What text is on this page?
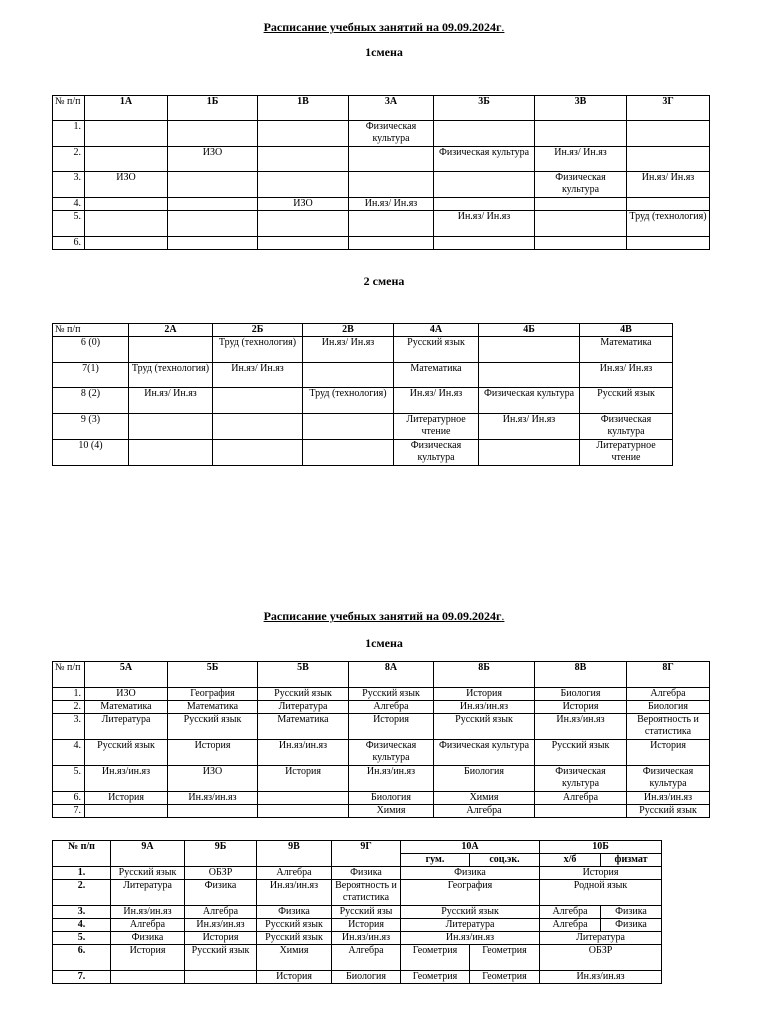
Расписание учебных занятий на 09.09.2024г.
1смена
№ п/п	1А	1Б	1В	3А	3Б	3В	3Г
1.				Физическая культура			
2.		ИЗО			Физическая культура	Ин.яз/ Ин.яз	
3.	ИЗО					Физическая культура	Ин.яз/ Ин.яз
4.			ИЗО	Ин.яз/ Ин.яз			
5.					Ин.яз/ Ин.яз		Труд (технология)
6.							
2 смена
№ п/п	2А	2Б	2В	4А	4Б	4В
6 (0)		Труд (технология)	Ин.яз/ Ин.яз	Русский язык		Математика
7(1)	Труд (технология)	Ин.яз/ Ин.яз		Математика		Ин.яз/ Ин.яз
8 (2)	Ин.яз/ Ин.яз		Труд (технология)	Ин.яз/ Ин.яз	Физическая культура	Русский язык
9 (3)				Литературное чтение	Ин.яз/ Ин.яз	Физическая культура
10 (4)				Физическая культура		Литературное чтение
Расписание учебных занятий на 09.09.2024г.
1смена
№ п/п	5А	5Б	5В	8А	8Б	8В	8Г
1.	ИЗО	География	Русский язык	Русский язык	История	Биология	Алгебра
2.	Математика	Математика	Литература	Алгебра	Ин.яз/ин.яз	История	Биология
3.	Литература	Русский язык	Математика	История	Русский язык	Ин.яз/ин.яз	Вероятность и статистика
4.	Русский язык	История	Ин.яз/ин.яз	Физическая культура	Физическая культура	Русский язык	История
5.	Ин.яз/ин.яз	ИЗО	История	Ин.яз/ин.яз	Биология	Физическая культура	Физическая культура
6.	История	Ин.яз/ин.яз		Биология	Химия	Алгебра	Ин.яз/ин.яз
7.				Химия	Алгебра		Русский язык
№ п/п	9А	9Б	9В	9Г	10А		10Б	
					гум.	соц.эк.	х/б	физмат
1.	Русский язык	ОБЗР	Алгебра	Физика	Физика		История	
2.	Литература	Физика	Ин.яз/ин.яз	Вероятность и статистика	География		Родной язык	
3.	Ин.яз/ин.яз	Алгебра	Физика	Русский язы	Русский язык		Алгебра	Физика
4.	Алгебра	Ин.яз/ин.яз	Русский язык	История	Литература		Алгебра	Физика
5.	Физика	История	Русский язык	Ин.яз/ин.яз	Ин.яз/ин.яз		Литература	
6.	История	Русский язык	Химия	Алгебра	Геометрия	Геометрия	ОБЗР	
7.			История	Биология	Геометрия	Геометрия	Ин.яз/ин.яз	
